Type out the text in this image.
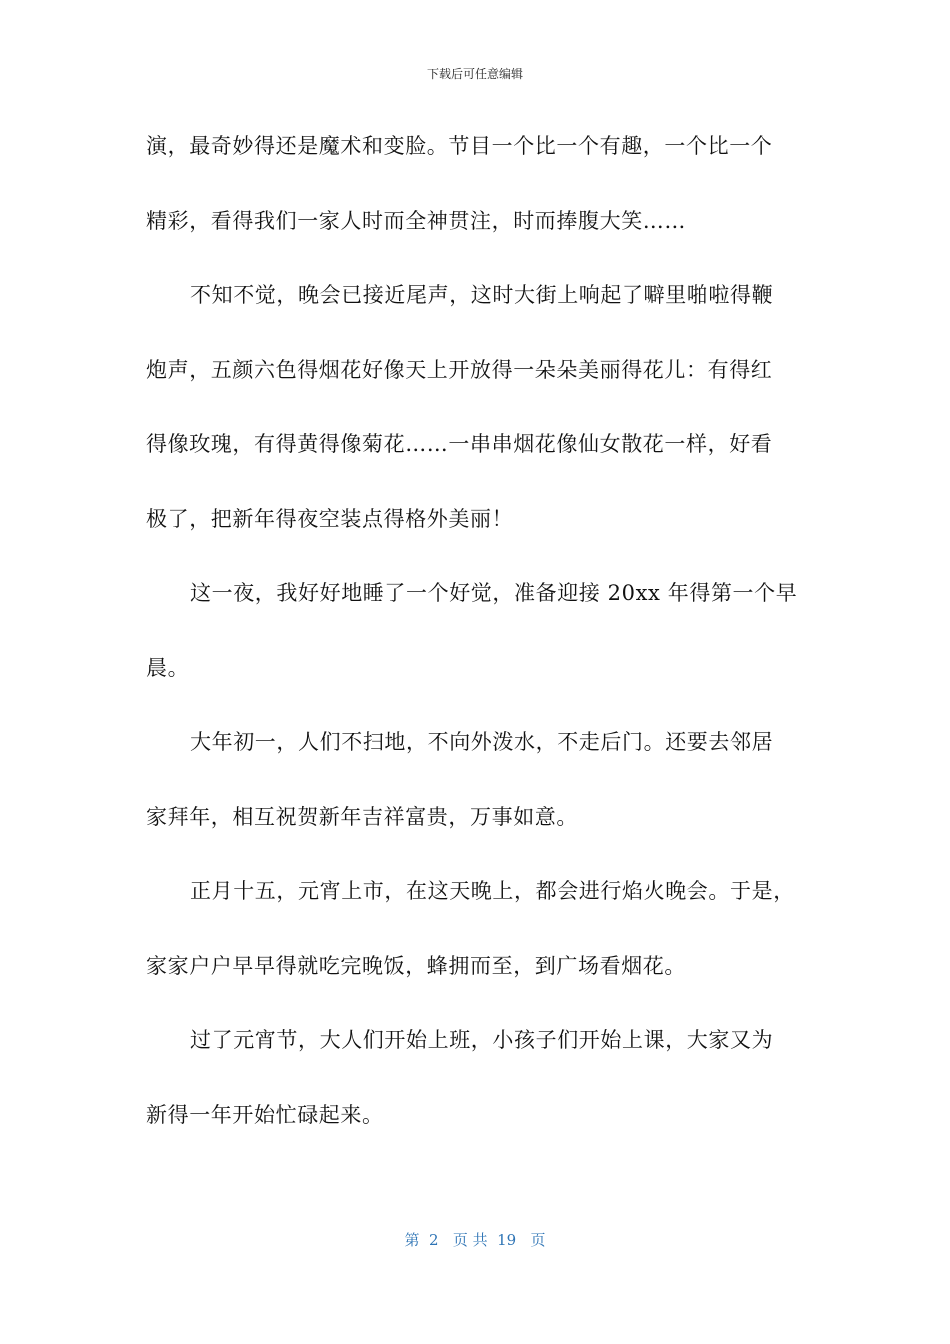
下载后可任意编辑
演，最奇妙得还是魔术和变脸。节目一个比一个有趣，一个比一个
精彩，看得我们一家人时而全神贯注，时而捧腹大笑……
不知不觉，晚会已接近尾声，这时大街上响起了噼里啪啦得鞭
炮声，五颜六色得烟花好像天上开放得一朵朵美丽得花儿：有得红
得像玫瑰，有得黄得像菊花……一串串烟花像仙女散花一样，好看
极了，把新年得夜空装点得格外美丽！
这一夜，我好好地睡了一个好觉，准备迎接 20xx 年得第一个早
晨。
大年初一，人们不扫地，不向外泼水，不走后门。还要去邻居
家拜年，相互祝贺新年吉祥富贵，万事如意。
正月十五，元宵上市，在这天晚上，都会进行焰火晚会。于是，
家家户户早早得就吃完晚饭，蜂拥而至，到广场看烟花。
过了元宵节，大人们开始上班，小孩子们开始上课，大家又为
新得一年开始忙碌起来。
第  2   页 共  19   页
